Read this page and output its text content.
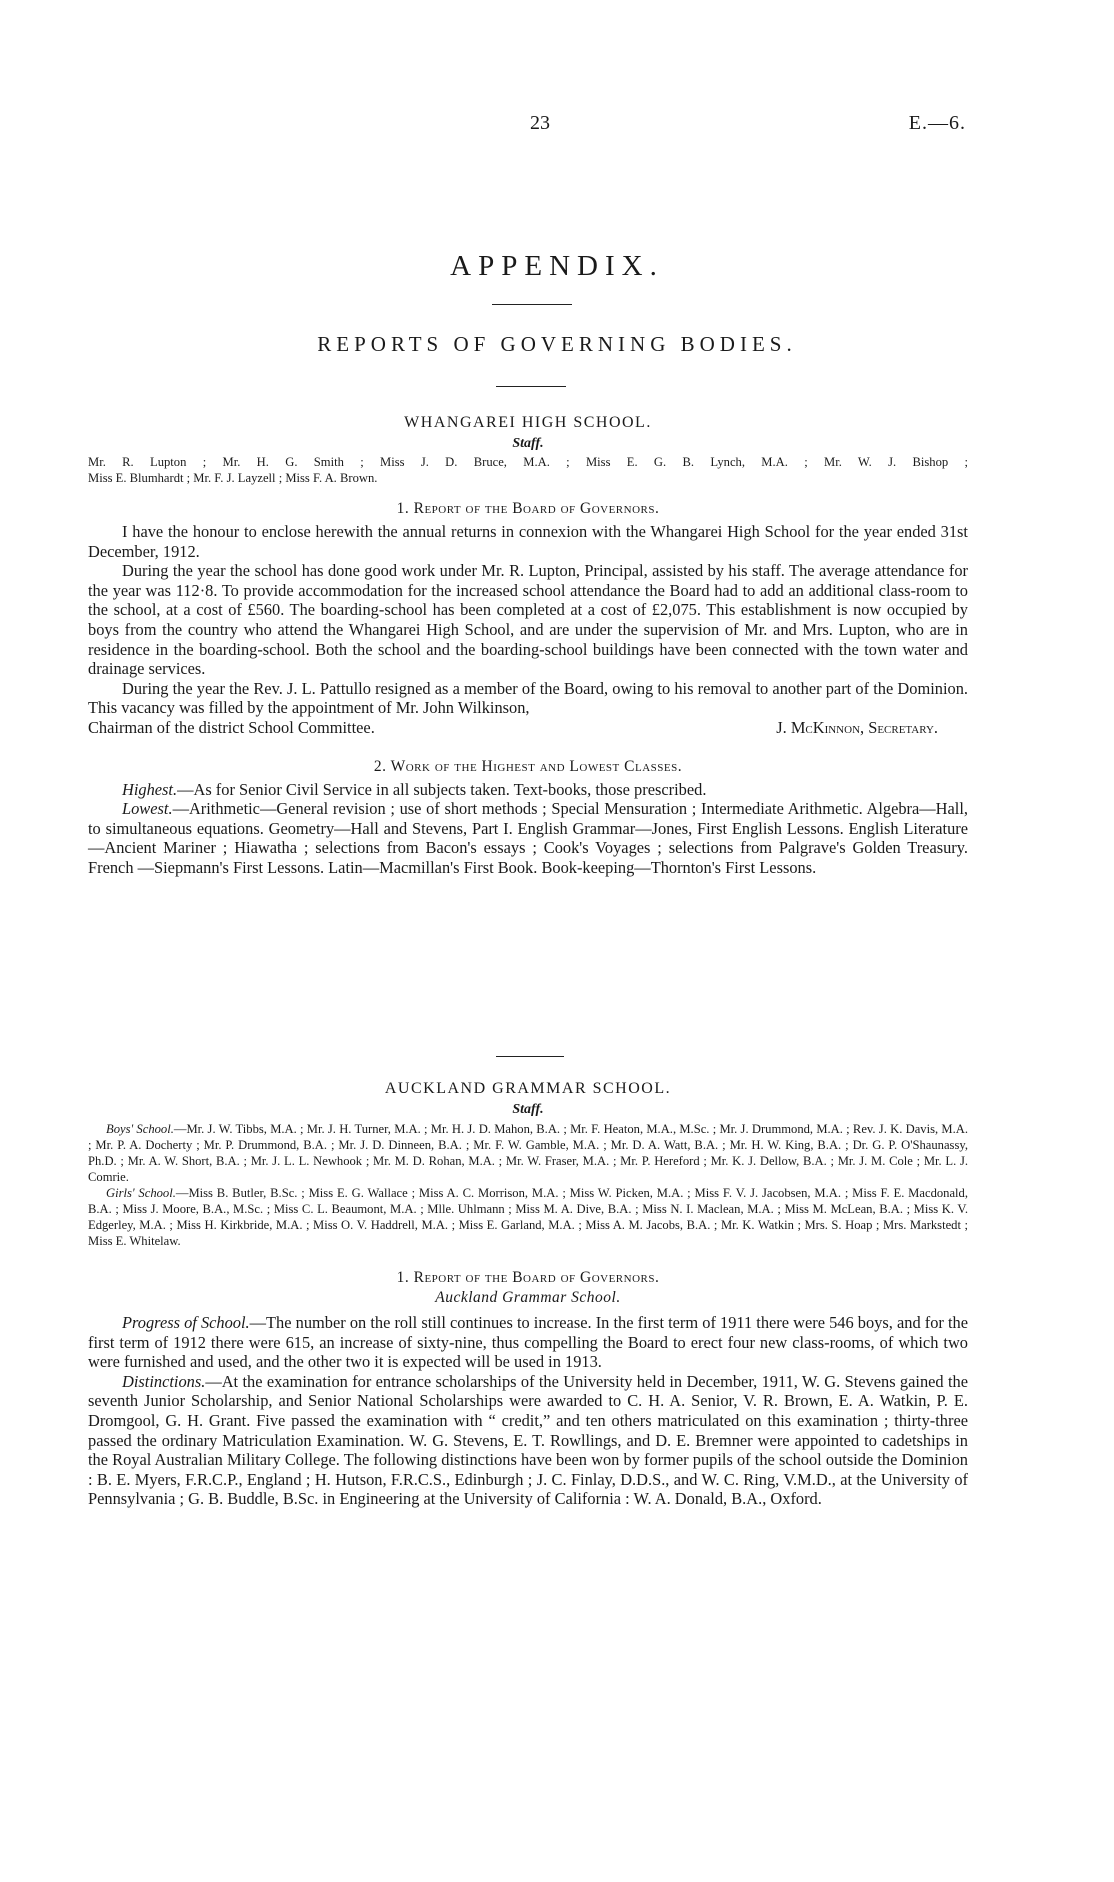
23	E.—6.
APPENDIX.
REPORTS OF GOVERNING BODIES.
WHANGAREI HIGH SCHOOL.
Staff.
Mr. R. Lupton ; Mr. H. G. Smith ; Miss J. D. Bruce, M.A. ; Miss E. G. B. Lynch, M.A. ; Mr. W. J. Bishop ;
Miss E. Blumhardt ; Mr. F. J. Layzell ; Miss F. A. Brown.
1. Report of the Board of Governors.

I have the honour to enclose herewith the annual returns in connexion with the Whangarei High School for the year ended 31st December, 1912.

During the year the school has done good work under Mr. R. Lupton, Principal, assisted by his staff. The average attendance for the year was 112·8. To provide accommodation for the increased school attendance the Board had to add an additional class-room to the school, at a cost of £560. The boarding-school has been completed at a cost of £2,075. This establishment is now occupied by boys from the country who attend the Whangarei High School, and are under the supervision of Mr. and Mrs. Lupton, who are in residence in the boarding-school. Both the school and the boarding-school buildings have been connected with the town water and drainage services.

During the year the Rev. J. L. Pattullo resigned as a member of the Board, owing to his removal to another part of the Dominion. This vacancy was filled by the appointment of Mr. John Wilkinson,

Chairman of the district School Committee.	J. McKinnon, Secretary.
2. Work of the Highest and Lowest Classes.

Highest.—As for Senior Civil Service in all subjects taken. Text-books, those prescribed.

Lowest.—Arithmetic—General revision ; use of short methods ; Special Mensuration ; Intermediate Arithmetic. Algebra—Hall, to simultaneous equations. Geometry—Hall and Stevens, Part I. English Grammar—Jones, First English Lessons. English Literature—Ancient Mariner ; Hiawatha ; selections from Bacon's essays ; Cook's Voyages ; selections from Palgrave's Golden Treasury. French —Siepmann's First Lessons. Latin—Macmillan's First Book. Book-keeping—Thornton's First Lessons.

AUCKLAND GRAMMAR SCHOOL.
Staff.

Boys' School.—Mr. J. W. Tibbs, M.A. ; Mr. J. H. Turner, M.A. ; Mr. H. J. D. Mahon, B.A. ; Mr. F. Heaton, M.A., M.Sc. ; Mr. J. Drummond, M.A. ; Rev. J. K. Davis, M.A. ; Mr. P. A. Docherty ; Mr. P. Drummond, B.A. ; Mr. J. D. Dinneen, B.A. ; Mr. F. W. Gamble, M.A. ; Mr. D. A. Watt, B.A. ; Mr. H. W. King, B.A. ; Dr. G. P. O'Shaunassy, Ph.D. ; Mr. A. W. Short, B.A. ; Mr. J. L. L. Newhook ; Mr. M. D. Rohan, M.A. ; Mr. W. Fraser, M.A. ; Mr. P. Hereford ; Mr. K. J. Dellow, B.A. ; Mr. J. M. Cole ; Mr. L. J. Comrie.

Girls' School.—Miss B. Butler, B.Sc. ; Miss E. G. Wallace ; Miss A. C. Morrison, M.A. ; Miss W. Picken, M.A. ; Miss F. V. J. Jacobsen, M.A. ; Miss F. E. Macdonald, B.A. ; Miss J. Moore, B.A., M.Sc. ; Miss C. L. Beaumont, M.A. ; Mlle. Uhlmann ; Miss M. A. Dive, B.A. ; Miss N. I. Maclean, M.A. ; Miss M. McLean, B.A. ; Miss K. V. Edgerley, M.A. ; Miss H. Kirkbride, M.A. ; Miss O. V. Haddrell, M.A. ; Miss E. Garland, M.A. ; Miss A. M. Jacobs, B.A. ; Mr. K. Watkin ; Mrs. S. Hoap ; Mrs. Markstedt ; Miss E. Whitelaw.

1. Report of the Board of Governors.
Auckland Grammar School.

Progress of School.—The number on the roll still continues to increase. In the first term of 1911 there were 546 boys, and for the first term of 1912 there were 615, an increase of sixty-nine, thus compelling the Board to erect four new class-rooms, of which two were furnished and used, and the other two it is expected will be used in 1913.

Distinctions.—At the examination for entrance scholarships of the University held in December, 1911, W. G. Stevens gained the seventh Junior Scholarship, and Senior National Scholarships were awarded to C. H. A. Senior, V. R. Brown, E. A. Watkin, P. E. Dromgool, G. H. Grant. Five passed the examination with “ credit,” and ten others matriculated on this examination ; thirty-three passed the ordinary Matriculation Examination. W. G. Stevens, E. T. Rowllings, and D. E. Bremner were appointed to cadetships in the Royal Australian Military College. The following distinctions have been won by former pupils of the school outside the Dominion : B. E. Myers, F.R.C.P., England ; H. Hutson, F.R.C.S., Edinburgh ; J. C. Finlay, D.D.S., and W. C. Ring, V.M.D., at the University of Pennsylvania ; G. B. Buddle, B.Sc. in Engineering at the University of California : W. A. Donald, B.A., Oxford.
